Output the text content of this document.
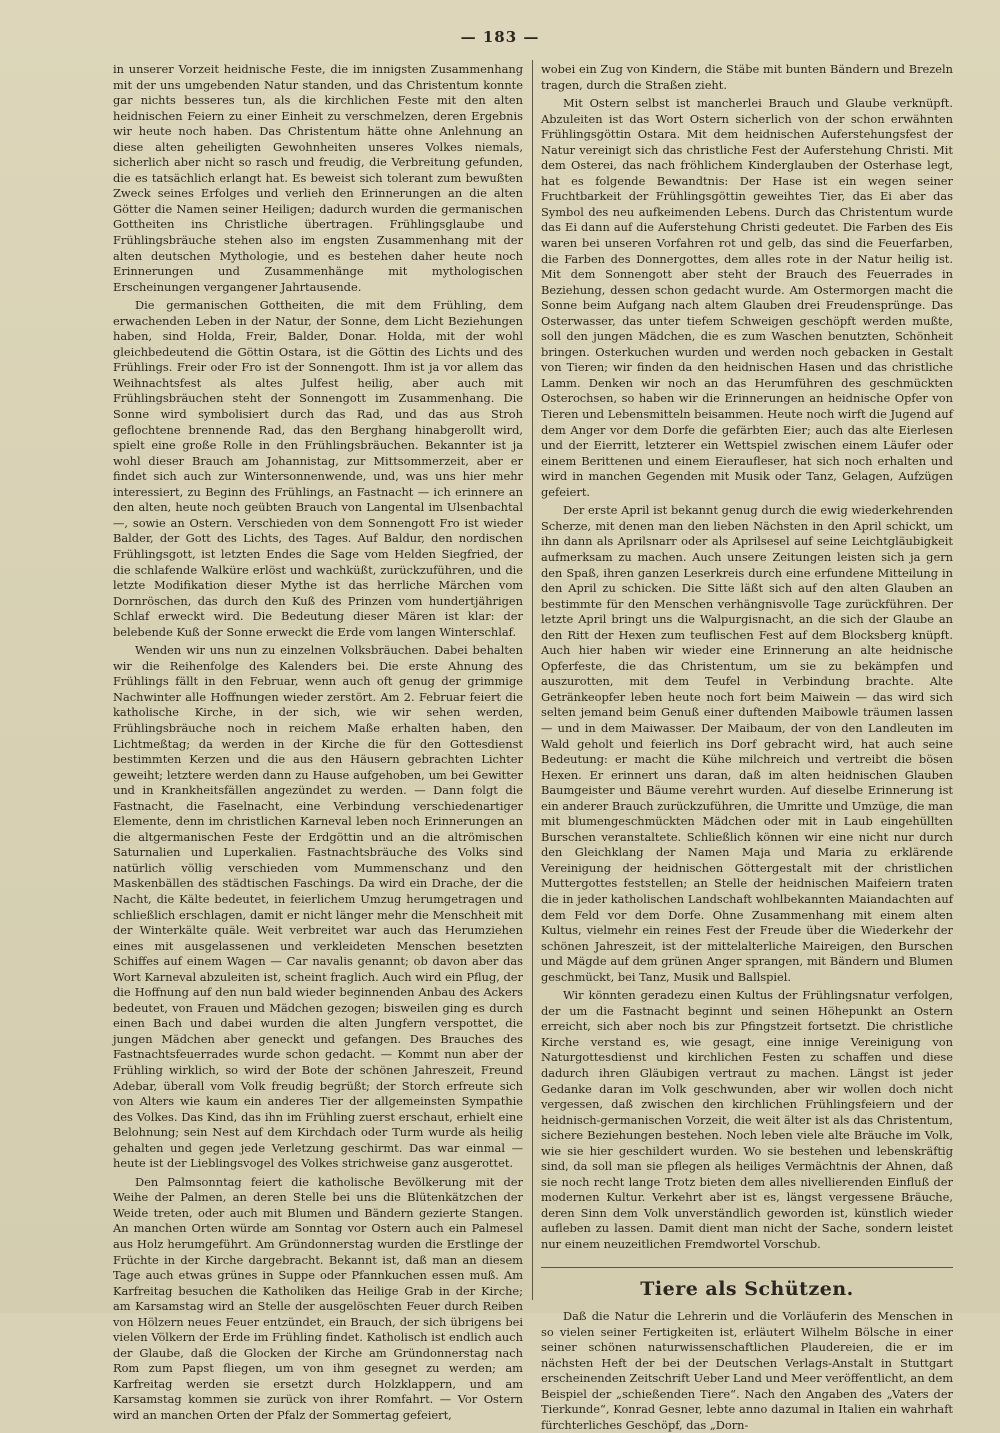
— 183 —

in unserer Vorzeit heidnische Feste, die im innigsten Zusammenhang mit der uns umgebenden Natur standen, und das Christentum konnte gar nichts besseres tun, als die kirchlichen Feste mit den alten heidnischen Feiern zu einer Einheit zu verschmelzen, deren Ergebnis wir heute noch haben. Das Christentum hätte ohne Anlehnung an diese alten geheiligten Gewohnheiten unseres Volkes niemals, sicherlich aber nicht so rasch und freudig, die Verbreitung gefunden, die es tatsächlich erlangt hat. Es beweist sich tolerant zum bewußten Zweck seines Erfolges und verlieh den Erinnerungen an die alten Götter die Namen seiner Heiligen; dadurch wurden die germanischen Gottheiten ins Christliche übertragen. Frühlingsglaube und Frühlingsbräuche stehen also im engsten Zusammenhang mit der alten deutschen Mythologie, und es bestehen daher heute noch Erinnerungen und Zusammenhänge mit mythologischen Erscheinungen vergangener Jahrtausende.

Die germanischen Gottheiten, die mit dem Frühling, dem erwachenden Leben in der Natur, der Sonne, dem Licht Beziehungen haben, sind Holda, Freir, Balder, Donar. Holda, mit der wohl gleichbedeutend die Göttin Ostara, ist die Göttin des Lichts und des Frühlings. Freir oder Fro ist der Sonnengott. Ihm ist ja vor allem das Weihnachtsfest als altes Julfest heilig, aber auch mit Frühlingsbräuchen steht der Sonnengott im Zusammenhang. Die Sonne wird symbolisiert durch das Rad, und das aus Stroh geflochtene brennende Rad, das den Berghang hinabgerollt wird, spielt eine große Rolle in den Frühlingsbräuchen. Bekannter ist ja wohl dieser Brauch am Johannistag, zur Mittsommerzeit, aber er findet sich auch zur Wintersonnenwende, und, was uns hier mehr interessiert, zu Beginn des Frühlings, an Fastnacht — ich erinnere an den alten, heute noch geübten Brauch von Langental im Ulsenbachtal —, sowie an Ostern. Verschieden von dem Sonnengott Fro ist wieder Balder, der Gott des Lichts, des Tages. Auf Baldur, den nordischen Frühlingsgott, ist letzten Endes die Sage vom Helden Siegfried, der die schlafende Walküre erlöst und wachküßt, zurückzuführen, und die letzte Modifikation dieser Mythe ist das herrliche Märchen vom Dornröschen, das durch den Kuß des Prinzen vom hundertjährigen Schlaf erweckt wird. Die Bedeutung dieser Mären ist klar: der belebende Kuß der Sonne erweckt die Erde vom langen Winterschlaf.

Wenden wir uns nun zu einzelnen Volksbräuchen. Dabei behalten wir die Reihenfolge des Kalenders bei. Die erste Ahnung des Frühlings fällt in den Februar, wenn auch oft genug der grimmige Nachwinter alle Hoffnungen wieder zerstört. Am 2. Februar feiert die katholische Kirche, in der sich, wie wir sehen werden, Frühlingsbräuche noch in reichem Maße erhalten haben, den Lichtmeßtag; da werden in der Kirche die für den Gottesdienst bestimmten Kerzen und die aus den Häusern gebrachten Lichter geweiht; letztere werden dann zu Hause aufgehoben, um bei Gewitter und in Krankheitsfällen angezündet zu werden. — Dann folgt die Fastnacht, die Faselnacht, eine Verbindung verschiedenartiger Elemente, denn im christlichen Karneval leben noch Erinnerungen an die altgermanischen Feste der Erdgöttin und an die altrömischen Saturnalien und Luperkalien. Fastnachtsbräuche des Volks sind natürlich völlig verschieden vom Mummenschanz und den Maskenbällen des städtischen Faschings. Da wird ein Drache, der die Nacht, die Kälte bedeutet, in feierlichem Umzug herumgetragen und schließlich erschlagen, damit er nicht länger mehr die Menschheit mit der Winterkälte quäle. Weit verbreitet war auch das Herumziehen eines mit ausgelassenen und verkleideten Menschen besetzten Schiffes auf einem Wagen — Car navalis genannt; ob davon aber das Wort Karneval abzuleiten ist, scheint fraglich. Auch wird ein Pflug, der die Hoffnung auf den nun bald wieder beginnenden Anbau des Ackers bedeutet, von Frauen und Mädchen gezogen; bisweilen ging es durch einen Bach und dabei wurden die alten Jungfern verspottet, die jungen Mädchen aber geneckt und gefangen. Des Brauches des Fastnachtsfeuerrades wurde schon gedacht. — Kommt nun aber der Frühling wirklich, so wird der Bote der schönen Jahreszeit, Freund Adebar, überall vom Volk freudig begrüßt; der Storch erfreute sich von Alters wie kaum ein anderes Tier der allgemeinsten Sympathie des Volkes. Das Kind, das ihn im Frühling zuerst erschaut, erhielt eine Belohnung; sein Nest auf dem Kirchdach oder Turm wurde als heilig gehalten und gegen jede Verletzung geschirmt. Das war einmal — heute ist der Lieblingsvogel des Volkes strichweise ganz ausgerottet.

Den Palmsonntag feiert die katholische Bevölkerung mit der Weihe der Palmen, an deren Stelle bei uns die Blütenkätzchen der Weide treten, oder auch mit Blumen und Bändern gezierte Stangen. An manchen Orten würde am Sonntag vor Ostern auch ein Palmesel aus Holz herumgeführt. Am Gründonnerstag wurden die Erstlinge der Früchte in der Kirche dargebracht. Bekannt ist, daß man an diesem Tage auch etwas grünes in Suppe oder Pfannkuchen essen muß. Am Karfreitag besuchen die Katholiken das Heilige Grab in der Kirche; am Karsamstag wird an Stelle der ausgelöschten Feuer durch Reiben von Hölzern neues Feuer entzündet, ein Brauch, der sich übrigens bei vielen Völkern der Erde im Frühling findet. Katholisch ist endlich auch der Glaube, daß die Glocken der Kirche am Gründonnerstag nach Rom zum Papst fliegen, um von ihm gesegnet zu werden; am Karfreitag werden sie ersetzt durch Holzklappern, und am Karsamstag kommen sie zurück von ihrer Romfahrt. — Vor Ostern wird an manchen Orten der Pfalz der Sommertag gefeiert,

wobei ein Zug von Kindern, die Stäbe mit bunten Bändern und Brezeln tragen, durch die Straßen zieht.

Mit Ostern selbst ist mancherlei Brauch und Glaube verknüpft. Abzuleiten ist das Wort Ostern sicherlich von der schon erwähnten Frühlingsgöttin Ostara. Mit dem heidnischen Auferstehungsfest der Natur vereinigt sich das christliche Fest der Auferstehung Christi. Mit dem Osterei, das nach fröhlichem Kinderglauben der Osterhase legt, hat es folgende Bewandtnis: Der Hase ist ein wegen seiner Fruchtbarkeit der Frühlingsgöttin geweihtes Tier, das Ei aber das Symbol des neu aufkeimenden Lebens. Durch das Christentum wurde das Ei dann auf die Auferstehung Christi gedeutet. Die Farben des Eis waren bei unseren Vorfahren rot und gelb, das sind die Feuerfarben, die Farben des Donnergottes, dem alles rote in der Natur heilig ist. Mit dem Sonnengott aber steht der Brauch des Feuerrades in Beziehung, dessen schon gedacht wurde. Am Ostermorgen macht die Sonne beim Aufgang nach altem Glauben drei Freudensprünge. Das Osterwasser, das unter tiefem Schweigen geschöpft werden mußte, soll den jungen Mädchen, die es zum Waschen benutzten, Schönheit bringen. Osterkuchen wurden und werden noch gebacken in Gestalt von Tieren; wir finden da den heidnischen Hasen und das christliche Lamm. Denken wir noch an das Herumführen des geschmückten Osterochsen, so haben wir die Erinnerungen an heidnische Opfer von Tieren und Lebensmitteln beisammen. Heute noch wirft die Jugend auf dem Anger vor dem Dorfe die gefärbten Eier; auch das alte Eierlesen und der Eierritt, letzterer ein Wettspiel zwischen einem Läufer oder einem Berittenen und einem Eieraufleser, hat sich noch erhalten und wird in manchen Gegenden mit Musik oder Tanz, Gelagen, Aufzügen gefeiert.

Der erste April ist bekannt genug durch die ewig wiederkehrenden Scherze, mit denen man den lieben Nächsten in den April schickt, um ihn dann als Aprilsnarr oder als Aprilsesel auf seine Leichtgläubigkeit aufmerksam zu machen. Auch unsere Zeitungen leisten sich ja gern den Spaß, ihren ganzen Leserkreis durch eine erfundene Mitteilung in den April zu schicken. Die Sitte läßt sich auf den alten Glauben an bestimmte für den Menschen verhängnisvolle Tage zurückführen. Der letzte April bringt uns die Walpurgisnacht, an die sich der Glaube an den Ritt der Hexen zum teuflischen Fest auf dem Blocksberg knüpft. Auch hier haben wir wieder eine Erinnerung an alte heidnische Opferfeste, die das Christentum, um sie zu bekämpfen und auszurotten, mit dem Teufel in Verbindung brachte. Alte Getränkeopfer leben heute noch fort beim Maiwein — das wird sich selten jemand beim Genuß einer duftenden Maibowle träumen lassen — und in dem Maiwasser. Der Maibaum, der von den Landleuten im Wald geholt und feierlich ins Dorf gebracht wird, hat auch seine Bedeutung: er macht die Kühe milchreich und vertreibt die bösen Hexen. Er erinnert uns daran, daß im alten heidnischen Glauben Baumgeister und Bäume verehrt wurden. Auf dieselbe Erinnerung ist ein anderer Brauch zurückzuführen, die Umritte und Umzüge, die man mit blumengeschmückten Mädchen oder mit in Laub eingehüllten Burschen veranstaltete. Schließlich können wir eine nicht nur durch den Gleichklang der Namen Maja und Maria zu erklärende Vereinigung der heidnischen Göttergestalt mit der christlichen Muttergottes feststellen; an Stelle der heidnischen Maifeiern traten die in jeder katholischen Landschaft wohlbekannten Maiandachten auf dem Feld vor dem Dorfe. Ohne Zusammenhang mit einem alten Kultus, vielmehr ein reines Fest der Freude über die Wiederkehr der schönen Jahreszeit, ist der mittelalterliche Maireigen, den Burschen und Mägde auf dem grünen Anger sprangen, mit Bändern und Blumen geschmückt, bei Tanz, Musik und Ballspiel.

Wir könnten geradezu einen Kultus der Frühlingsnatur verfolgen, der um die Fastnacht beginnt und seinen Höhepunkt an Ostern erreicht, sich aber noch bis zur Pfingstzeit fortsetzt. Die christliche Kirche verstand es, wie gesagt, eine innige Vereinigung von Naturgottesdienst und kirchlichen Festen zu schaffen und diese dadurch ihren Gläubigen vertraut zu machen. Längst ist jeder Gedanke daran im Volk geschwunden, aber wir wollen doch nicht vergessen, daß zwischen den kirchlichen Frühlingsfeiern und der heidnisch-germanischen Vorzeit, die weit älter ist als das Christentum, sichere Beziehungen bestehen. Noch leben viele alte Bräuche im Volk, wie sie hier geschildert wurden. Wo sie bestehen und lebenskräftig sind, da soll man sie pflegen als heiliges Vermächtnis der Ahnen, daß sie noch recht lange Trotz bieten dem alles nivellierenden Einfluß der modernen Kultur. Verkehrt aber ist es, längst vergessene Bräuche, deren Sinn dem Volk unverständlich geworden ist, künstlich wieder aufleben zu lassen. Damit dient man nicht der Sache, sondern leistet nur einem neuzeitlichen Fremdwortel Vorschub.

Tiere als Schützen.

Daß die Natur die Lehrerin und die Vorläuferin des Menschen in so vielen seiner Fertigkeiten ist, erläutert Wilhelm Bölsche in einer seiner schönen naturwissenschaftlichen Plaudereien, die er im nächsten Heft der bei der Deutschen Verlags-Anstalt in Stuttgart erscheinenden Zeitschrift Ueber Land und Meer veröffentlicht, an dem Beispiel der „schießenden Tiere“. Nach den Angaben des „Vaters der Tierkunde“, Konrad Gesner, lebte anno dazumal in Italien ein wahrhaft fürchterliches Geschöpf, das „Dorn-
